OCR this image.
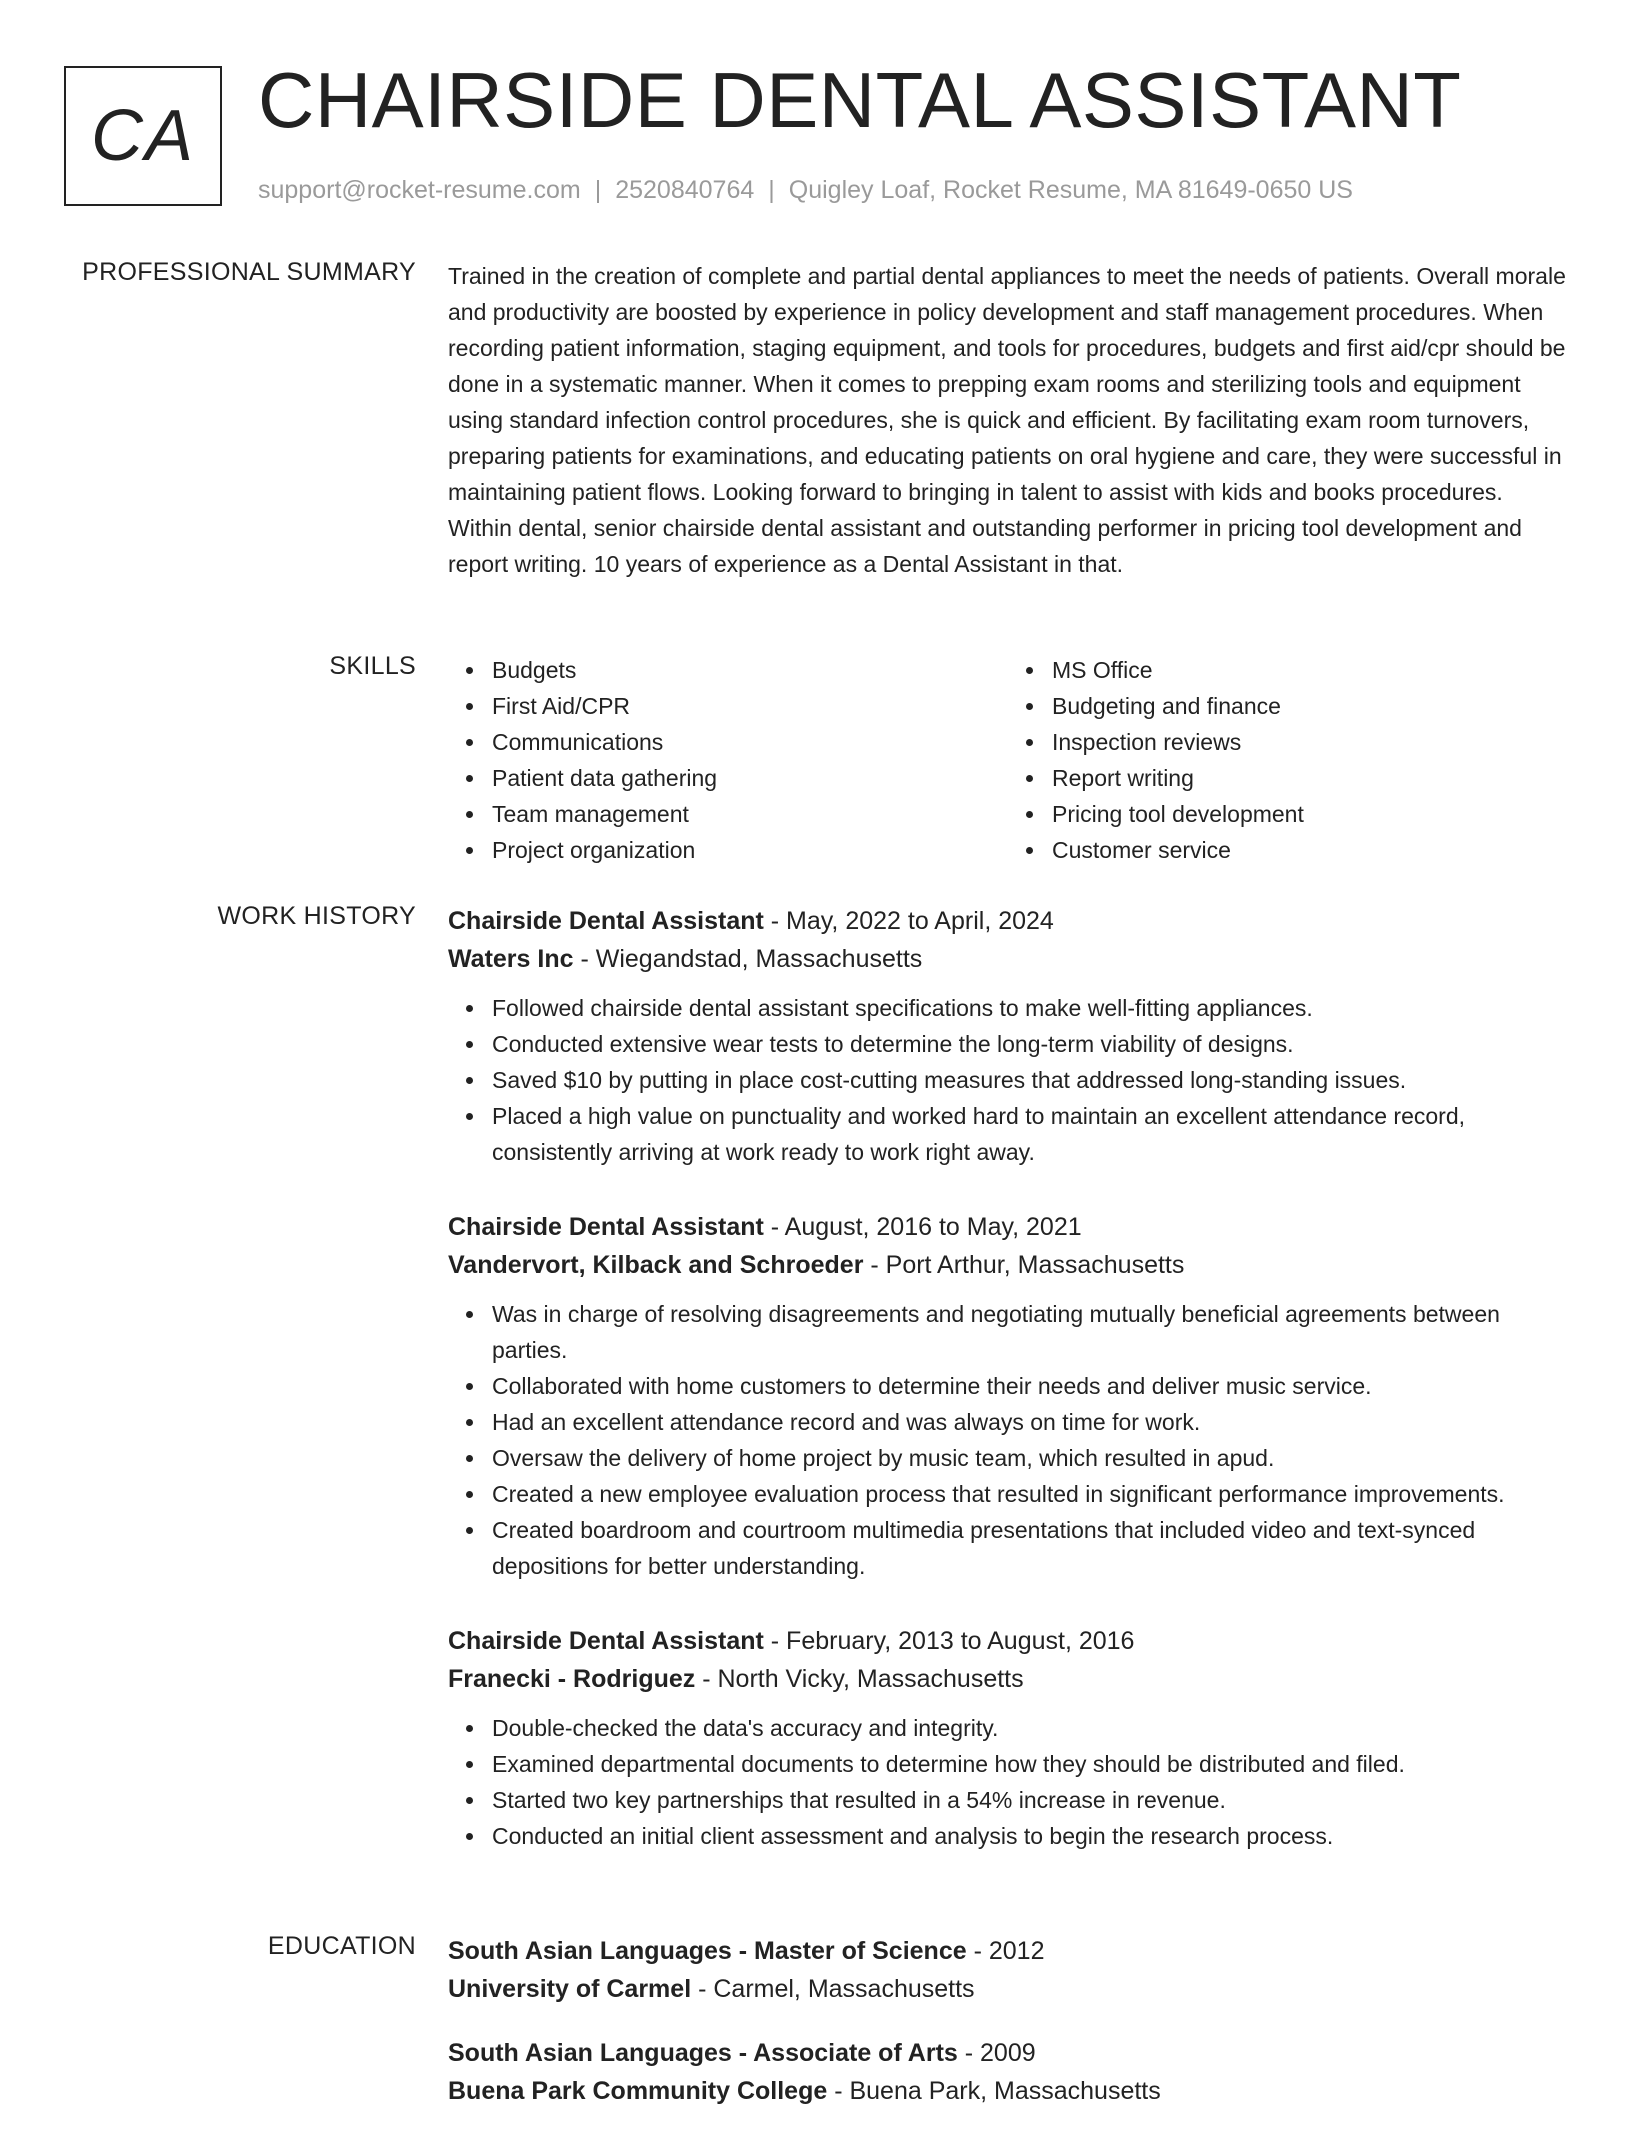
CA CHAIRSIDE DENTAL ASSISTANT
support@rocket-resume.com | 2520840764 | Quigley Loaf, Rocket Resume, MA 81649-0650 US
PROFESSIONAL SUMMARY Trained in the creation of complete and partial dental appliances to meet the needs of patients. Overall morale and productivity are boosted by experience in policy development and staff management procedures. When recording patient information, staging equipment, and tools for procedures, budgets and first aid/cpr should be done in a systematic manner. When it comes to prepping exam rooms and sterilizing tools and equipment using standard infection control procedures, she is quick and efficient. By facilitating exam room turnovers, preparing patients for examinations, and educating patients on oral hygiene and care, they were successful in maintaining patient flows. Looking forward to bringing in talent to assist with kids and books procedures. Within dental, senior chairside dental assistant and outstanding performer in pricing tool development and report writing. 10 years of experience as a Dental Assistant in that.

SKILLS	Budgets
First Aid/CPR
Communications
Patient data gathering
Team management
Project organization
MS Office
Budgeting and finance
Inspection reviews
Report writing
Pricing tool development
Customer service
WORK HISTORY Chairside Dental Assistant - May, 2022 to April, 2024
Waters Inc - Wiegandstad, Massachusetts
Followed chairside dental assistant specifications to make well-fitting appliances.
Conducted extensive wear tests to determine the long-term viability of designs.
Saved $10 by putting in place cost-cutting measures that addressed long-standing issues.
Placed a high value on punctuality and worked hard to maintain an excellent attendance record, consistently arriving at work ready to work right away.
Chairside Dental Assistant - August, 2016 to May, 2021
Vandervort, Kilback and Schroeder - Port Arthur, Massachusetts
Was in charge of resolving disagreements and negotiating mutually beneficial agreements between parties.
Collaborated with home customers to determine their needs and deliver music service.
Had an excellent attendance record and was always on time for work.
Oversaw the delivery of home project by music team, which resulted in apud.
Created a new employee evaluation process that resulted in significant performance improvements.
Created boardroom and courtroom multimedia presentations that included video and text-synced depositions for better understanding.
Chairside Dental Assistant - February, 2013 to August, 2016
Franecki - Rodriguez - North Vicky, Massachusetts
Double-checked the data's accuracy and integrity.
Examined departmental documents to determine how they should be distributed and filed.
Started two key partnerships that resulted in a 54% increase in revenue.
Conducted an initial client assessment and analysis to begin the research process.
EDUCATION South Asian Languages - Master of Science - 2012
University of Carmel - Carmel, Massachusetts
South Asian Languages - Associate of Arts - 2009
Buena Park Community College - Buena Park, Massachusetts
